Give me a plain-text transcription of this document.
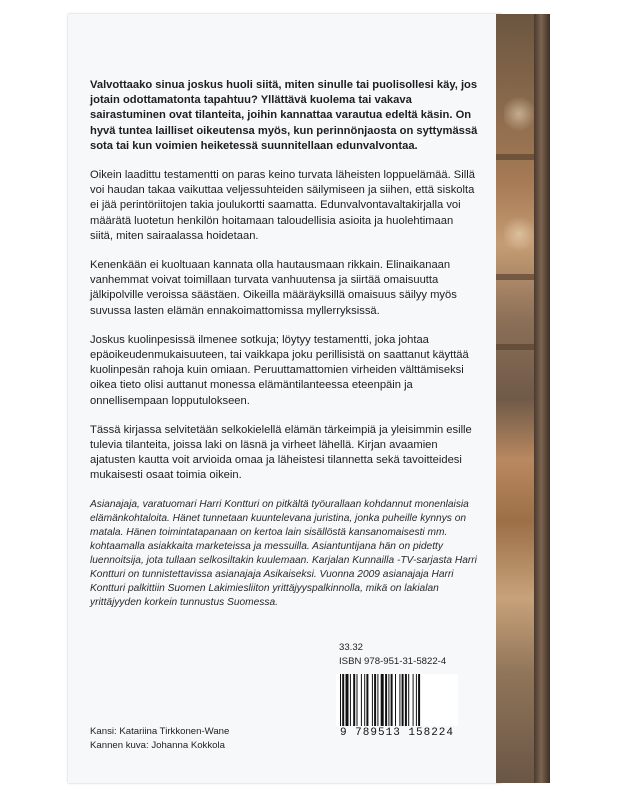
Valvottaako sinua joskus huoli siitä, miten sinulle tai puolisollesi käy, jos jotain odottamatonta tapahtuu? Yllättävä kuolema tai vakava sairastuminen ovat tilanteita, joihin kannattaa varautua edeltä käsin. On hyvä tuntea lailliset oikeutensa myös, kun perinnönjaosta on syttymässä sota tai kun voimien heiketessä suunnitellaan edunvalvontaa.

Oikein laadittu testamentti on paras keino turvata läheisten loppuelämää. Sillä voi haudan takaa vaikuttaa veljessuhteiden säilymiseen ja siihen, että siskolta ei jää perintöriitojen takia joulukortti saamatta. Edunvalvontavaltakirjalla voi määrätä luotetun henkilön hoitamaan taloudellisia asioita ja huolehtimaan siitä, miten sairaalassa hoidetaan.

Kenenkään ei kuoltuaan kannata olla hautausmaan rikkain. Elinaikanaan vanhemmat voivat toimillaan turvata vanhuutensa ja siirtää omaisuutta jälkipolville veroissa säästäen. Oikeilla määräyksillä omaisuus säilyy myös suvussa lasten elämän ennakoimattomissa myllerryksissä.

Joskus kuolinpesissä ilmenee sotkuja; löytyy testamentti, joka johtaa epäoikeudenmukaisuuteen, tai vaikkapa joku perillisistä on saattanut käyttää kuolinpesän rahoja kuin omiaan. Peruuttamattomien virheiden välttämiseksi oikea tieto olisi auttanut monessa elämäntilanteessa eteenpäin ja onnellisempaan lopputulokseen.

Tässä kirjassa selvitetään selkokielellä elämän tärkeimpiä ja yleisimmin esille tulevia tilanteita, joissa laki on läsnä ja virheet lähellä. Kirjan avaamien ajatusten kautta voit arvioida omaa ja läheistesi tilannetta sekä tavoitteidesi mukaisesti osaat toimia oikein.

Asianajaja, varatuomari Harri Kontturi on pitkältä työurallaan kohdannut monenlaisia elämänkohtaloita. Hänet tunnetaan kuuntelevana juristina, jonka puheille kynnys on matala. Hänen toimintatapanaan on kertoa lain sisällöstä kansanomaisesti mm. kohtaamalla asiakkaita marketeissa ja messuilla. Asiantuntijana hän on pidetty luennoitsija, jota tullaan selkosiltakin kuulemaan. Karjalan Kunnailla -TV-sarjasta Harri Kontturi on tunnistettavissa asianajaja Asikaiseksi. Vuonna 2009 asianajaja Harri Kontturi palkittiin Suomen Lakimiesliiton yrittäjyyspalkinnolla, mikä on lakialan yrittäjyyden korkein tunnustus Suomessa.

33.32
ISBN 978-951-31-5822-4
9 789513 158224
Kansi: Katariina Tirkkonen-Wane
Kannen kuva: Johanna Kokkola
